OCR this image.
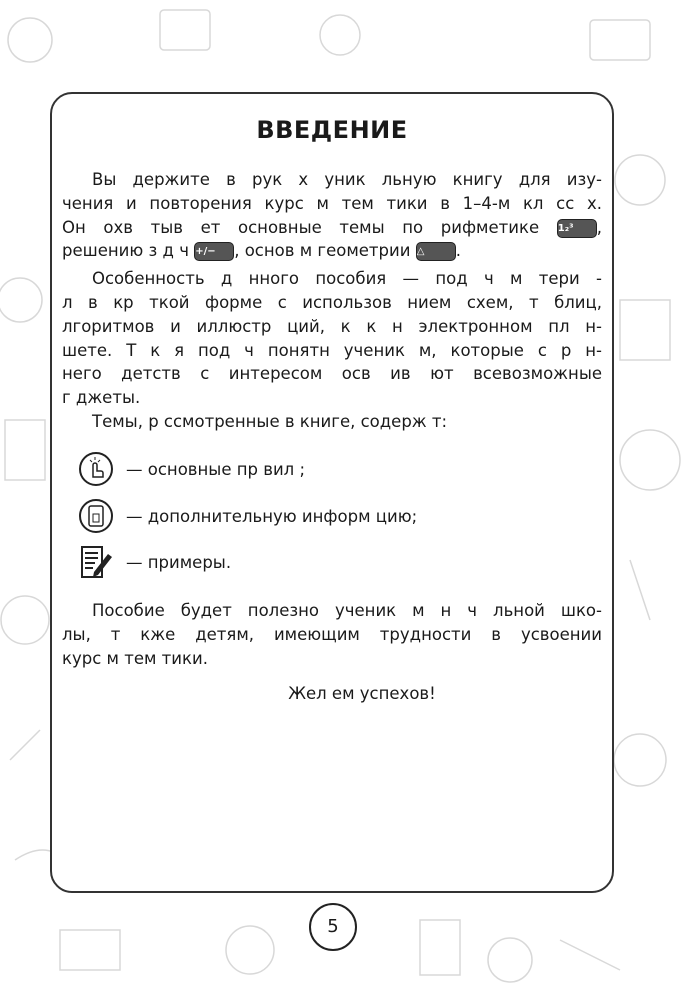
ВВЕДЕНИЕ
Вы держите в рук х уник льную книгу для изу-
чения и повторения курс м тем тики в 1–4-м кл сс х.
Он охв тыв ет основные темы по рифметике 1₂³ ,
решению з д ч +/− , основ м геометрии △ .
Особенность д нного пособия — под ч м тери -
л в кр ткой форме с использов нием схем, т блиц,
лгоритмов и иллюстр ций, к к н электронном пл н-
шете. Т к я под ч понятн ученик м, которые с р н-
него детств с интересом осв ив ют всевозможные
г джеты.
Темы, р ссмотренные в книге, содерж т:
— основные пр вил ;
— дополнительную информ цию;
— примеры.
Пособие будет полезно ученик м н ч льной шко-
лы, т кже детям, имеющим трудности в усвоении
курс м тем тики.
Жел ем успехов!
5
